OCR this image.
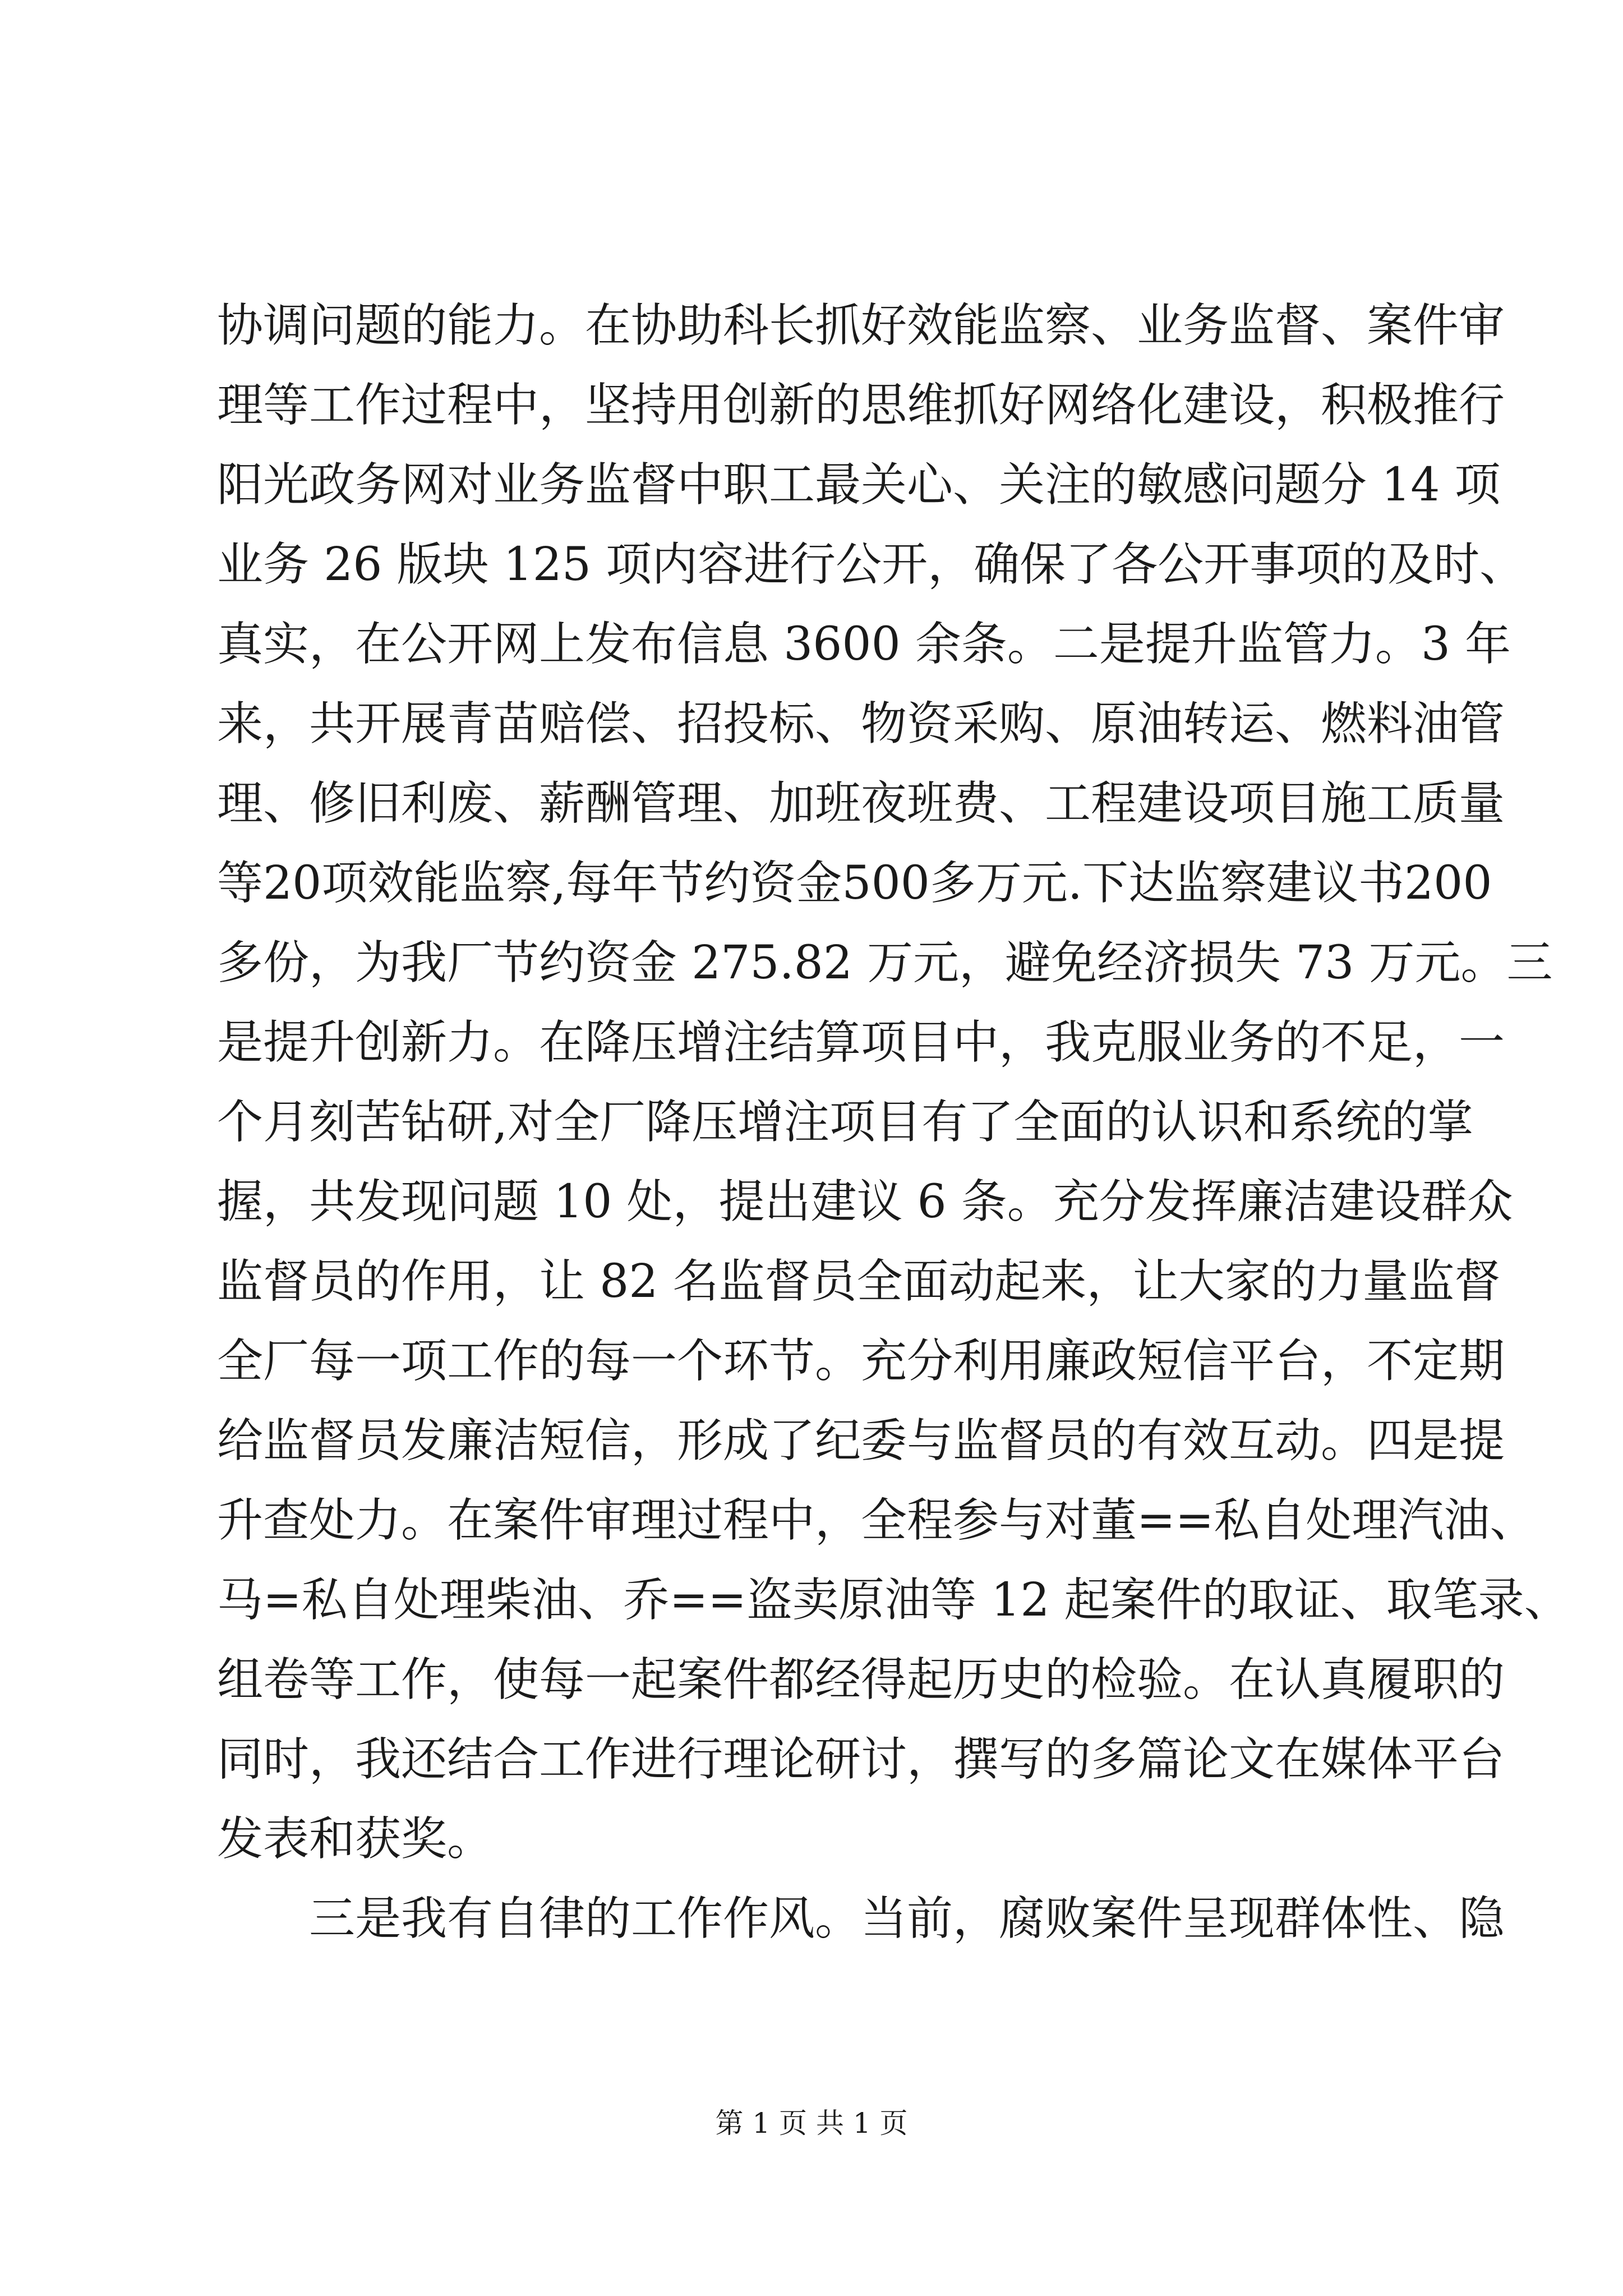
协调问题的能力。在协助科长抓好效能监察、业务监督、案件审
理等工作过程中，坚持用创新的思维抓好网络化建设，积极推行
阳光政务网对业务监督中职工最关心、关注的敏感问题分 14 项
业务 26 版块 125 项内容进行公开，确保了各公开事项的及时、
真实，在公开网上发布信息 3600 余条。二是提升监管力。3 年
来，共开展青苗赔偿、招投标、物资采购、原油转运、燃料油管
理、修旧利废、薪酬管理、加班夜班费、工程建设项目施工质量
等20项效能监察,每年节约资金500多万元.下达监察建议书200
多份，为我厂节约资金 275.82 万元，避免经济损失 73 万元。三
是提升创新力。在降压增注结算项目中，我克服业务的不足，一
个月刻苦钻研,对全厂降压增注项目有了全面的认识和系统的掌
握，共发现问题 10 处，提出建议 6 条。充分发挥廉洁建设群众
监督员的作用，让 82 名监督员全面动起来，让大家的力量监督
全厂每一项工作的每一个环节。充分利用廉政短信平台，不定期
给监督员发廉洁短信，形成了纪委与监督员的有效互动。四是提
升查处力。在案件审理过程中，全程参与对董==私自处理汽油、
马=私自处理柴油、乔==盗卖原油等 12 起案件的取证、取笔录、
组卷等工作，使每一起案件都经得起历史的检验。在认真履职的
同时，我还结合工作进行理论研讨，撰写的多篇论文在媒体平台
发表和获奖。
三是我有自律的工作作风。当前，腐败案件呈现群体性、隐
第 1 页 共 1 页
